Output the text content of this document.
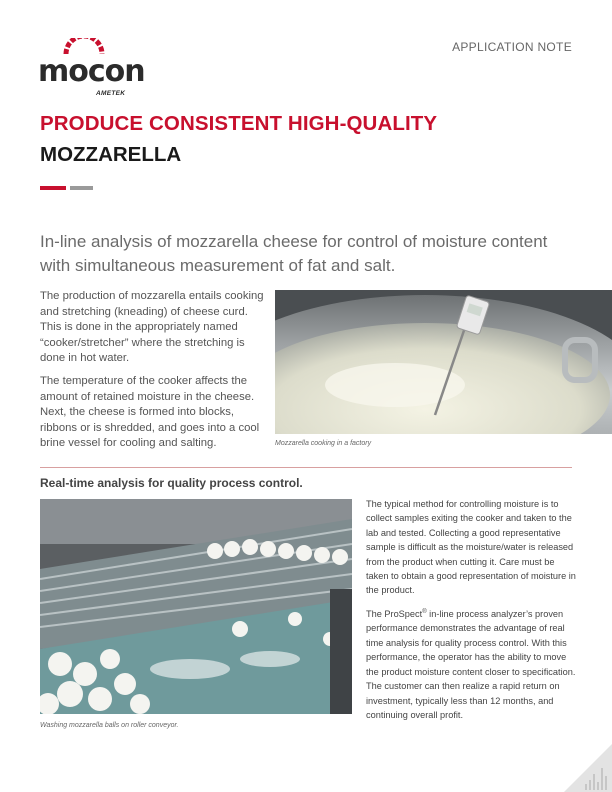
mocon
AMETEK
APPLICATION NOTE
PRODUCE CONSISTENT HIGH-QUALITY
MOZZARELLA
In-line analysis of mozzarella cheese for control of moisture content with simultaneous measurement of fat and salt.
The production of mozzarella entails cooking and stretching (kneading) of cheese curd. This is done in the appropriately named “cooker/stretcher” where the stretching is done in hot water.
The temperature of the cooker affects the amount of retained moisture in the cheese. Next, the cheese is formed into blocks, ribbons or is shredded, and goes into a cool brine vessel for cooling and salting.	Mozzarella cooking in a factory
Real-time analysis for quality process control.
Washing mozzarella balls on roller conveyor.
The typical method for controlling moisture is to collect samples exiting the cooker and taken to the lab and tested. Collecting a good representative sample is difficult as the moisture/water is released from the product when cutting it. Care must be taken to obtain a good representation of moisture in the product.
The ProSpect® in-line process analyzer’s proven performance demonstrates the advantage of real time analysis for quality process control. With this performance, the operator has the ability to move the product moisture content closer to specification. The customer can then realize a rapid return on investment, typically less than 12 months, and continuing overall profit.
